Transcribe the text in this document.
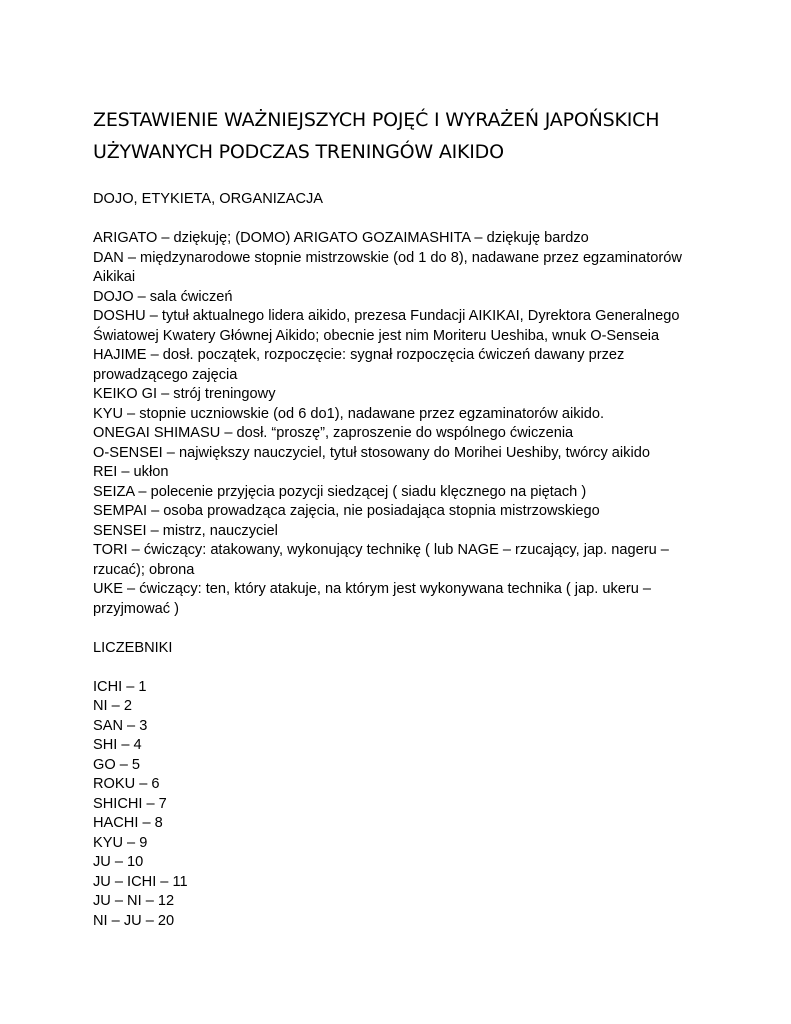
ZESTAWIENIE WAŻNIEJSZYCH POJĘĆ I WYRAŻEŃ JAPOŃSKICH
UŻYWANYCH PODCZAS TRENINGÓW AIKIDO

DOJO, ETYKIETA, ORGANIZACJA

ARIGATO – dziękuję; (DOMO) ARIGATO GOZAIMASHITA – dziękuję bardzo

DAN – międzynarodowe stopnie mistrzowskie (od 1 do 8), nadawane przez egzaminatorów Aikikai

DOJO – sala ćwiczeń

DOSHU – tytuł aktualnego lidera aikido, prezesa Fundacji AIKIKAI, Dyrektora Generalnego Światowej Kwatery Głównej Aikido; obecnie jest nim Moriteru Ueshiba, wnuk O-Senseia

HAJIME – dosł. początek, rozpoczęcie: sygnał rozpoczęcia ćwiczeń dawany przez prowadzącego zajęcia

KEIKO GI – strój treningowy

KYU – stopnie uczniowskie (od 6 do1), nadawane przez egzaminatorów aikido.

ONEGAI SHIMASU – dosł. “proszę”, zaproszenie do wspólnego ćwiczenia

O-SENSEI – największy nauczyciel, tytuł stosowany do Morihei Ueshiby, twórcy aikido

REI – ukłon

SEIZA – polecenie przyjęcia pozycji siedzącej ( siadu klęcznego na piętach )

SEMPAI – osoba prowadząca zajęcia, nie posiadająca stopnia mistrzowskiego

SENSEI – mistrz, nauczyciel

TORI – ćwiczący: atakowany, wykonujący technikę ( lub NAGE – rzucający, jap. nageru – rzucać); obrona

UKE – ćwiczący: ten, który atakuje, na którym jest wykonywana technika ( jap. ukeru – przyjmować )

LICZEBNIKI

ICHI – 1

NI – 2

SAN – 3

SHI – 4

GO – 5

ROKU – 6

SHICHI – 7

HACHI – 8

KYU – 9

JU – 10

JU – ICHI – 11

JU – NI – 12

NI – JU – 20
